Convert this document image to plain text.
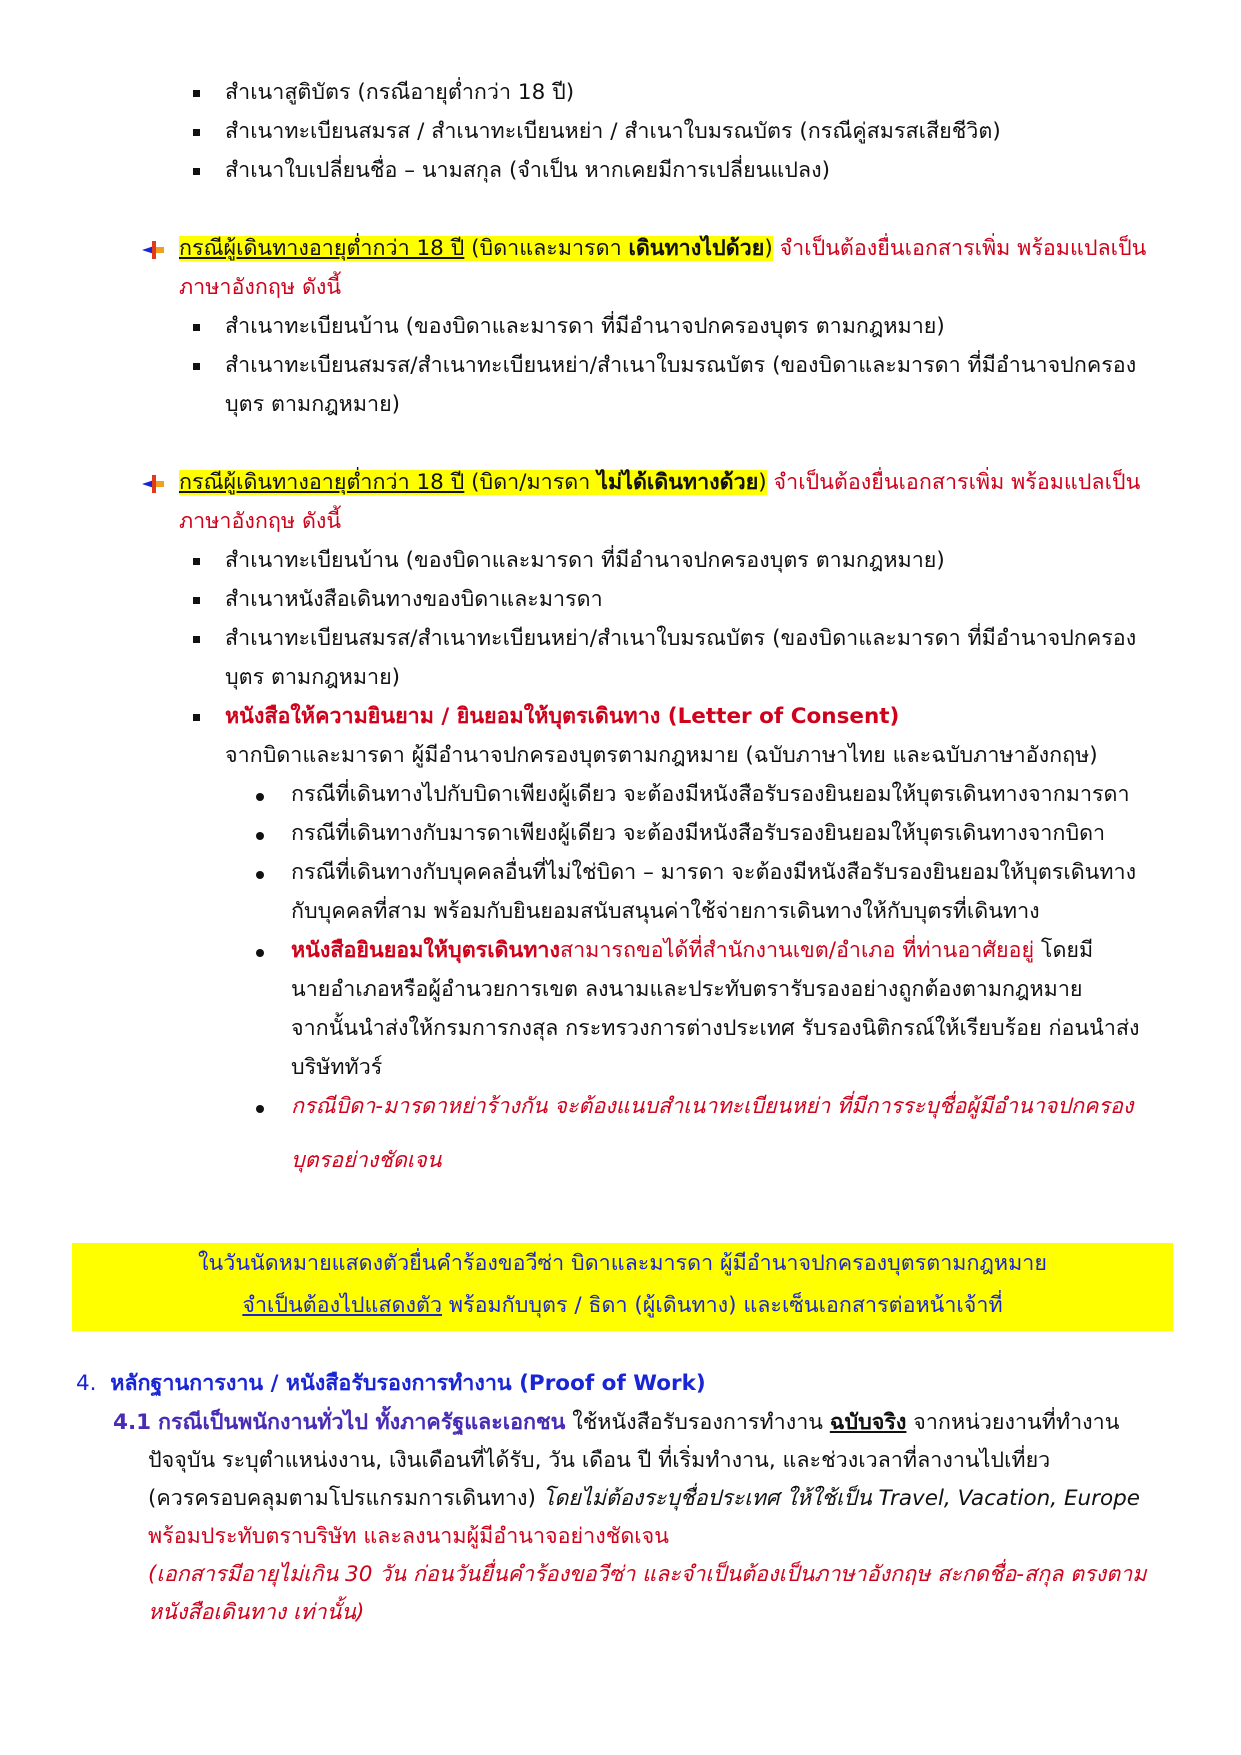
สำเนาสูติบัตร (กรณีอายุต่ำกว่า 18 ปี)
สำเนาทะเบียนสมรส / สำเนาทะเบียนหย่า / สำเนาใบมรณบัตร (กรณีคู่สมรสเสียชีวิต)
สำเนาใบเปลี่ยนชื่อ – นามสกุล (จำเป็น หากเคยมีการเปลี่ยนแปลง)
กรณีผู้เดินทางอายุต่ำกว่า 18 ปี (บิดาและมารดา เดินทางไปด้วย) จำเป็นต้องยื่นเอกสารเพิ่ม พร้อมแปลเป็น
ภาษาอังกฤษ ดังนี้
สำเนาทะเบียนบ้าน (ของบิดาและมารดา ที่มีอำนาจปกครองบุตร ตามกฎหมาย)
สำเนาทะเบียนสมรส/สำเนาทะเบียนหย่า/สำเนาใบมรณบัตร (ของบิดาและมารดา ที่มีอำนาจปกครอง
บุตร ตามกฎหมาย)
กรณีผู้เดินทางอายุต่ำกว่า 18 ปี (บิดา/มารดา ไม่ได้เดินทางด้วย) จำเป็นต้องยื่นเอกสารเพิ่ม พร้อมแปลเป็น
ภาษาอังกฤษ ดังนี้
สำเนาทะเบียนบ้าน (ของบิดาและมารดา ที่มีอำนาจปกครองบุตร ตามกฎหมาย)
สำเนาหนังสือเดินทางของบิดาและมารดา
สำเนาทะเบียนสมรส/สำเนาทะเบียนหย่า/สำเนาใบมรณบัตร (ของบิดาและมารดา ที่มีอำนาจปกครอง
บุตร ตามกฎหมาย)
หนังสือให้ความยินยาม / ยินยอมให้บุตรเดินทาง (Letter of Consent)
จากบิดาและมารดา ผู้มีอำนาจปกครองบุตรตามกฎหมาย (ฉบับภาษาไทย และฉบับภาษาอังกฤษ)
กรณีที่เดินทางไปกับบิดาเพียงผู้เดียว จะต้องมีหนังสือรับรองยินยอมให้บุตรเดินทางจากมารดา
กรณีที่เดินทางกับมารดาเพียงผู้เดียว จะต้องมีหนังสือรับรองยินยอมให้บุตรเดินทางจากบิดา
กรณีที่เดินทางกับบุคคลอื่นที่ไม่ใช่บิดา – มารดา จะต้องมีหนังสือรับรองยินยอมให้บุตรเดินทาง
กับบุคคลที่สาม พร้อมกับยินยอมสนับสนุนค่าใช้จ่ายการเดินทางให้กับบุตรที่เดินทาง
หนังสือยินยอมให้บุตรเดินทางสามารถขอได้ที่สำนักงานเขต/อำเภอ ที่ท่านอาศัยอยู่ โดยมี
นายอำเภอหรือผู้อำนวยการเขต ลงนามและประทับตรารับรองอย่างถูกต้องตามกฎหมาย
จากนั้นนำส่งให้กรมการกงสุล กระทรวงการต่างประเทศ รับรองนิติกรณ์ให้เรียบร้อย ก่อนนำส่ง
บริษัททัวร์
กรณีบิดา-มารดาหย่าร้างกัน จะต้องแนบสำเนาทะเบียนหย่า ที่มีการระบุชื่อผู้มีอำนาจปกครอง
บุตรอย่างชัดเจน
ในวันนัดหมายแสดงตัวยื่นคำร้องขอวีซ่า บิดาและมารดา ผู้มีอำนาจปกครองบุตรตามกฎหมาย
จำเป็นต้องไปแสดงตัว พร้อมกับบุตร / ธิดา (ผู้เดินทาง) และเซ็นเอกสารต่อหน้าเจ้าที่
4. หลักฐานการงาน / หนังสือรับรองการทำงาน (Proof of Work)
4.1 กรณีเป็นพนักงานทั่วไป ทั้งภาครัฐและเอกชน ใช้หนังสือรับรองการทำงาน ฉบับจริง จากหน่วยงานที่ทำงาน
ปัจจุบัน ระบุตำแหน่งงาน, เงินเดือนที่ได้รับ, วัน เดือน ปี ที่เริ่มทำงาน, และช่วงเวลาที่ลางานไปเที่ยว
(ควรครอบคลุมตามโปรแกรมการเดินทาง) โดยไม่ต้องระบุชื่อประเทศ ให้ใช้เป็น Travel, Vacation, Europe
พร้อมประทับตราบริษัท และลงนามผู้มีอำนาจอย่างชัดเจน
(เอกสารมีอายุไม่เกิน 30 วัน ก่อนวันยื่นคำร้องขอวีซ่า และจำเป็นต้องเป็นภาษาอังกฤษ สะกดชื่อ-สกุล ตรงตาม
หนังสือเดินทาง เท่านั้น)
